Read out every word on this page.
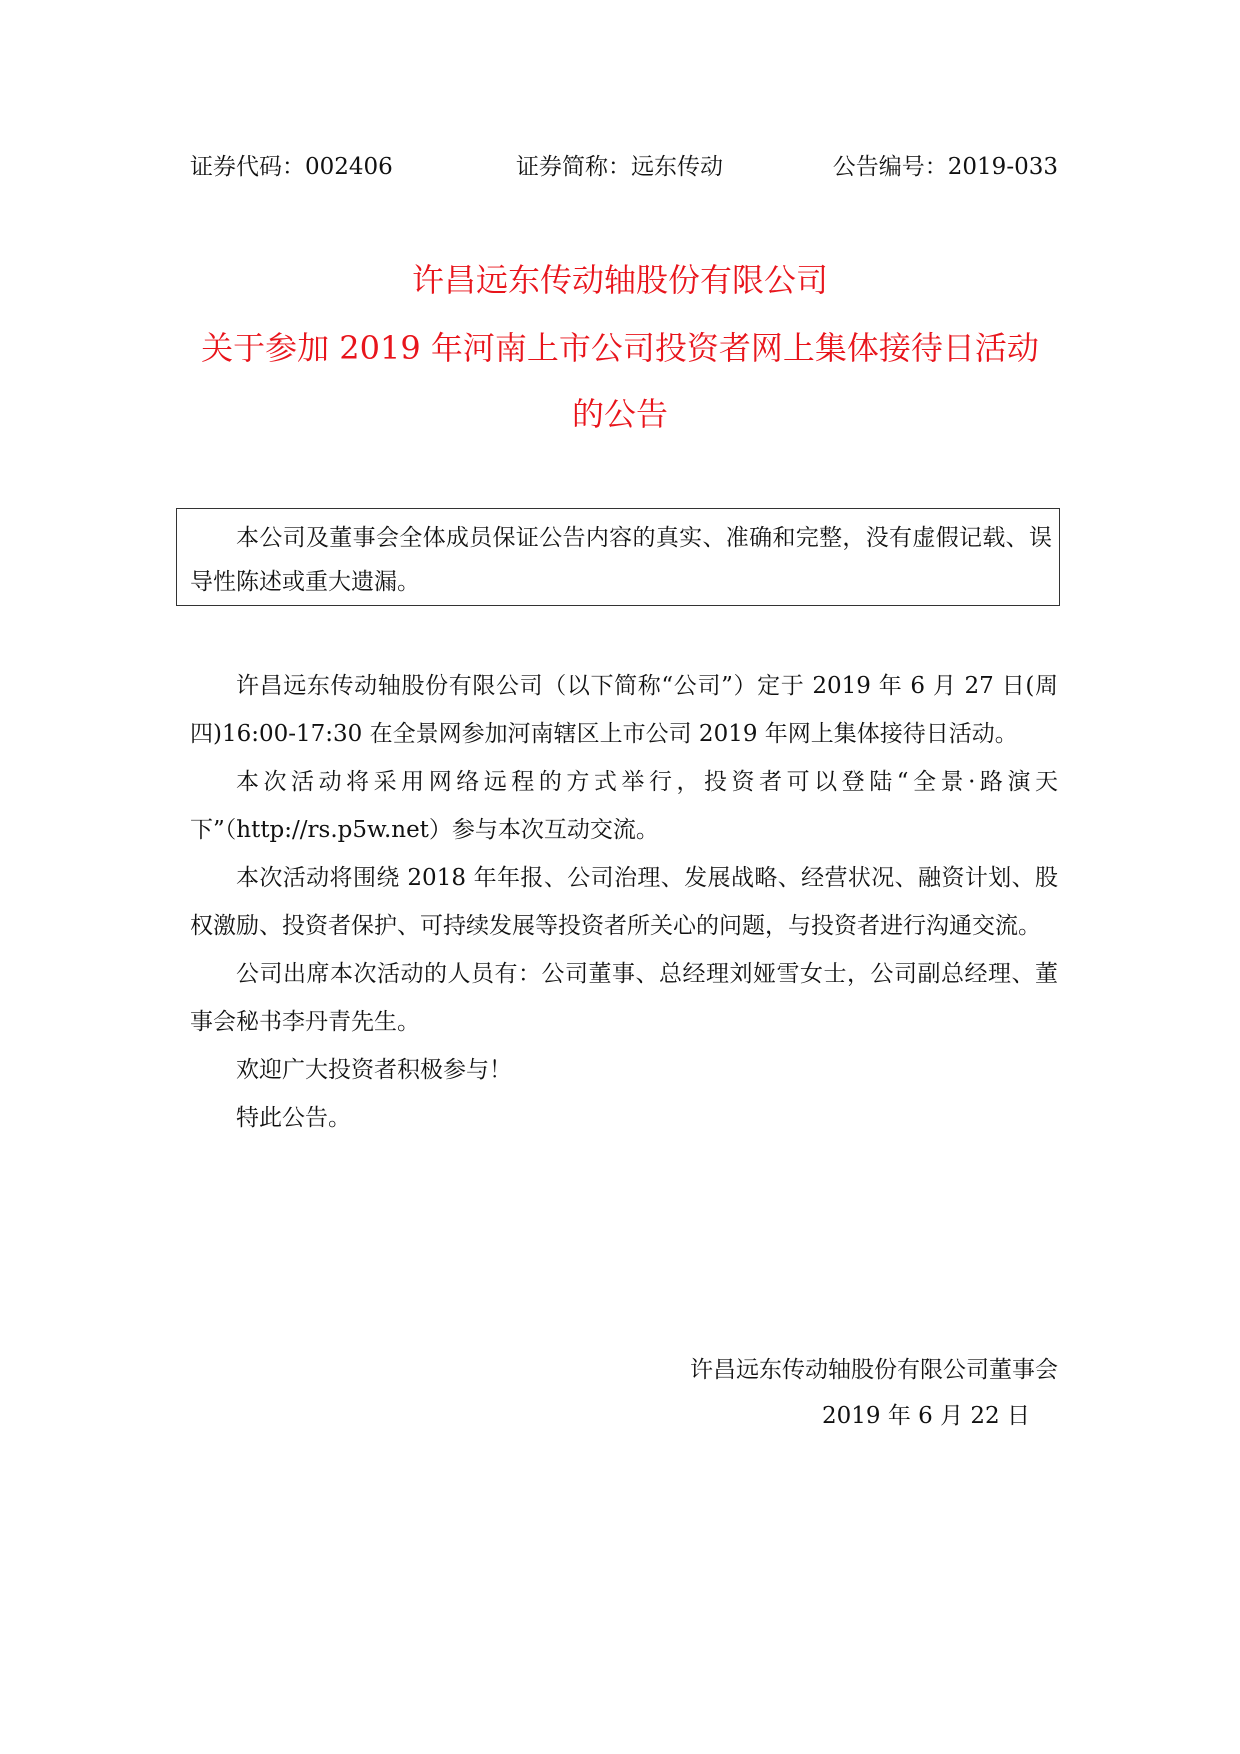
证券代码：002406	证券简称：远东传动	公告编号：2019-033
许昌远东传动轴股份有限公司
关于参加 2019 年河南上市公司投资者网上集体接待日活动
的公告
本公司及董事会全体成员保证公告内容的真实、准确和完整，没有虚假记载、误导性陈述或重大遗漏。

许昌远东传动轴股份有限公司（以下简称“公司”）定于 2019 年 6 月 27 日(周四)16:00-17:30 在全景网参加河南辖区上市公司 2019 年网上集体接待日活动。

本次活动将采用网络远程的方式举行，投资者可以登陆“全景·路演天下”（http://rs.p5w.net）参与本次互动交流。

本次活动将围绕 2018 年年报、公司治理、发展战略、经营状况、融资计划、股权激励、投资者保护、可持续发展等投资者所关心的问题，与投资者进行沟通交流。

公司出席本次活动的人员有：公司董事、总经理刘娅雪女士，公司副总经理、董事会秘书李丹青先生。

欢迎广大投资者积极参与！

特此公告。

许昌远东传动轴股份有限公司董事会
2019 年 6 月 22 日
